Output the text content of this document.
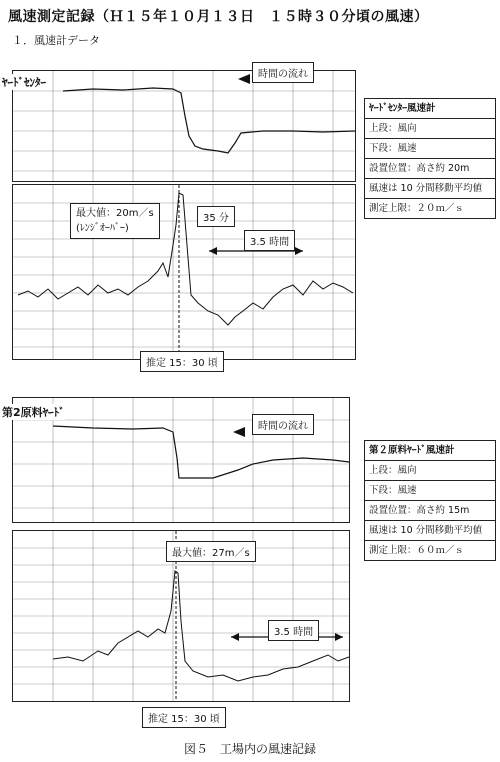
風速測定記録（Ｈ１５年１０月１３日　１５時３０分頃の風速）
１．風速計データ
ﾔｰﾄﾞｾﾝﾀｰ
時間の流れ
最大値：20m／s
(ﾚﾝｼﾞｵｰﾊﾞｰ)
35 分
3.5 時間
推定 15：30 頃
ﾔｰﾄﾞｾﾝﾀｰ風速計
上段：風向
下段：風速
設置位置：高さ約 20m
風速は 10 分間移動平均値
測定上限：２０ｍ／ｓ
第2原料ﾔｰﾄﾞ
時間の流れ
最大値：27m／s
3.5 時間
推定 15：30 頃
第２原料ﾔｰﾄﾞ風速計
上段：風向
下段：風速
設置位置：高さ約 15m
風速は 10 分間移動平均値
測定上限：６０ｍ／ｓ
図５　工場内の風速記録
